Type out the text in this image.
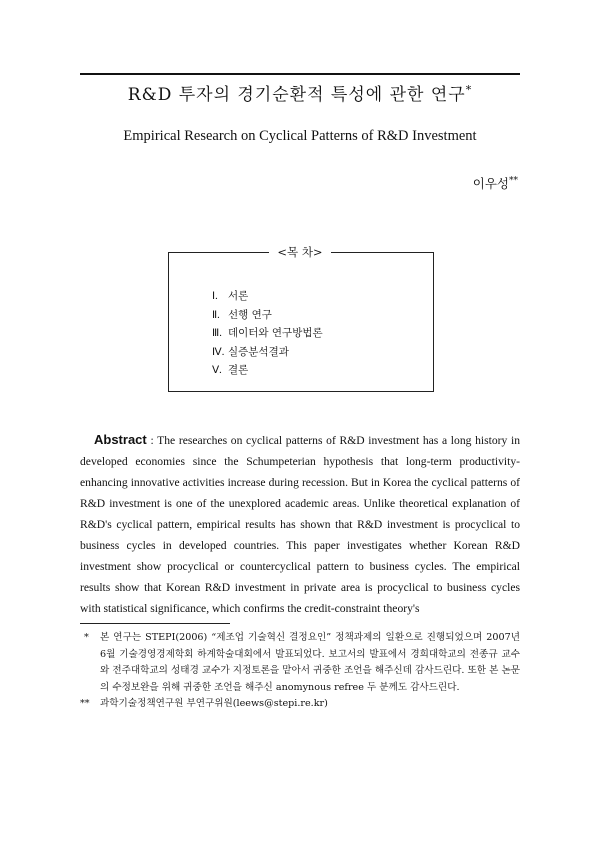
R&D 투자의 경기순환적 특성에 관한 연구*
Empirical Research on Cyclical Patterns of R&D Investment
이우성**
<목 차>
Ⅰ. 서론
Ⅱ. 선행 연구
Ⅲ. 데이터와 연구방법론
Ⅳ. 실증분석결과
Ⅴ. 결론
Abstract : The researches on cyclical patterns of R&D investment has a long history in developed economies since the Schumpeterian hypothesis that long-term productivity-enhancing innovative activities increase during recession. But in Korea the cyclical patterns of R&D investment is one of the unexplored academic areas. Unlike theoretical explanation of R&D's cyclical pattern, empirical results has shown that R&D investment is procyclical to business cycles in developed countries. This paper investigates whether Korean R&D investment show procyclical or countercyclical pattern to business cycles. The empirical results show that Korean R&D investment in private area is procyclical to business cycles with statistical significance, which confirms the credit-constraint theory's
* 본 연구는 STEPI(2006) “제조업 기술혁신 결정요인” 정책과제의 일환으로 진행되었으며 2007년 6월 기술경영경제학회 하계학술대회에서 발표되었다. 보고서의 발표에서 경희대학교의 전종규 교수와 전주대학교의 성태경 교수가 지정토론을 맡아서 귀중한 조언을 해주신데 감사드린다. 또한 본 논문의 수정보완을 위해 귀중한 조언을 해주신 anomynous refree 두 분께도 감사드린다.
** 과학기술정책연구원 부연구위원(leews@stepi.re.kr)
